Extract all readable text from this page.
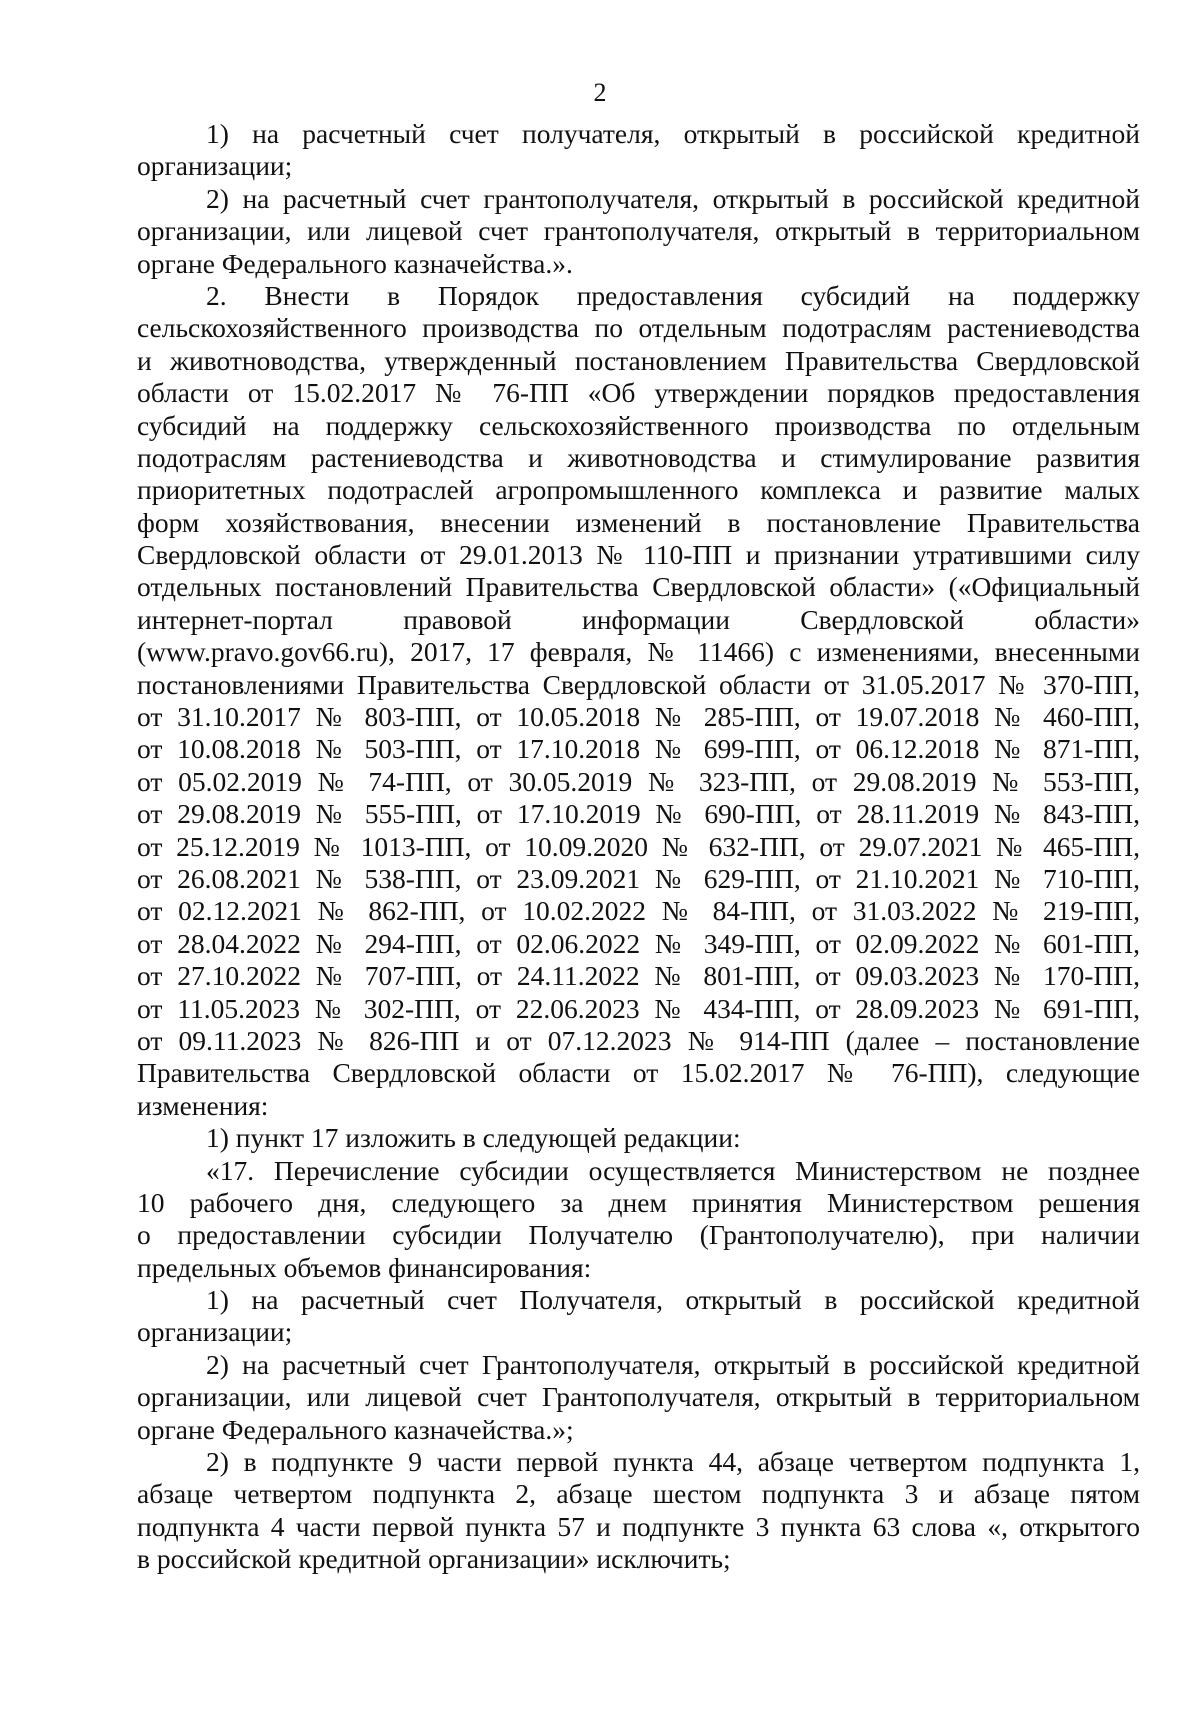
2
1) на расчетный счет получателя, открытый в российской кредитной
организации;
2) на расчетный счет грантополучателя, открытый в российской кредитной
организации, или лицевой счет грантополучателя, открытый в территориальном
органе Федерального казначейства.».
2. Внести в Порядок предоставления субсидий на поддержку
сельскохозяйственного производства по отдельным подотраслям растениеводства
и животноводства, утвержденный постановлением Правительства Свердловской
области от 15.02.2017 № 76-ПП «Об утверждении порядков предоставления
субсидий на поддержку сельскохозяйственного производства по отдельным
подотраслям растениеводства и животноводства и стимулирование развития
приоритетных подотраслей агропромышленного комплекса и развитие малых
форм хозяйствования, внесении изменений в постановление Правительства
Свердловской области от 29.01.2013 № 110-ПП и признании утратившими силу
отдельных постановлений Правительства Свердловской области» («Официальный
интернет-портал правовой информации Свердловской области»
(www.pravo.gov66.ru), 2017, 17 февраля, № 11466) с изменениями, внесенными
постановлениями Правительства Свердловской области от 31.05.2017 № 370-ПП,
от 31.10.2017 № 803-ПП, от 10.05.2018 № 285-ПП, от 19.07.2018 № 460-ПП,
от 10.08.2018 № 503-ПП, от 17.10.2018 № 699-ПП, от 06.12.2018 № 871-ПП,
от 05.02.2019 № 74-ПП, от 30.05.2019 № 323-ПП, от 29.08.2019 № 553-ПП,
от 29.08.2019 № 555-ПП, от 17.10.2019 № 690-ПП, от 28.11.2019 № 843-ПП,
от 25.12.2019 № 1013-ПП, от 10.09.2020 № 632-ПП, от 29.07.2021 № 465-ПП,
от 26.08.2021 № 538-ПП, от 23.09.2021 № 629-ПП, от 21.10.2021 № 710-ПП,
от 02.12.2021 № 862-ПП, от 10.02.2022 № 84-ПП, от 31.03.2022 № 219-ПП,
от 28.04.2022 № 294-ПП, от 02.06.2022 № 349-ПП, от 02.09.2022 № 601-ПП,
от 27.10.2022 № 707-ПП, от 24.11.2022 № 801-ПП, от 09.03.2023 № 170-ПП,
от 11.05.2023 № 302-ПП, от 22.06.2023 № 434-ПП, от 28.09.2023 № 691-ПП,
от 09.11.2023 № 826-ПП и от 07.12.2023 № 914-ПП (далее – постановление
Правительства Свердловской области от 15.02.2017 № 76-ПП), следующие
изменения:
1) пункт 17 изложить в следующей редакции:
«17. Перечисление субсидии осуществляется Министерством не позднее
10 рабочего дня, следующего за днем принятия Министерством решения
о предоставлении субсидии Получателю (Грантополучателю), при наличии
предельных объемов финансирования:
1) на расчетный счет Получателя, открытый в российской кредитной
организации;
2) на расчетный счет Грантополучателя, открытый в российской кредитной
организации, или лицевой счет Грантополучателя, открытый в территориальном
органе Федерального казначейства.»;
2) в подпункте 9 части первой пункта 44, абзаце четвертом подпункта 1,
абзаце четвертом подпункта 2, абзаце шестом подпункта 3 и абзаце пятом
подпункта 4 части первой пункта 57 и подпункте 3 пункта 63 слова «, открытого
в российской кредитной организации» исключить;
